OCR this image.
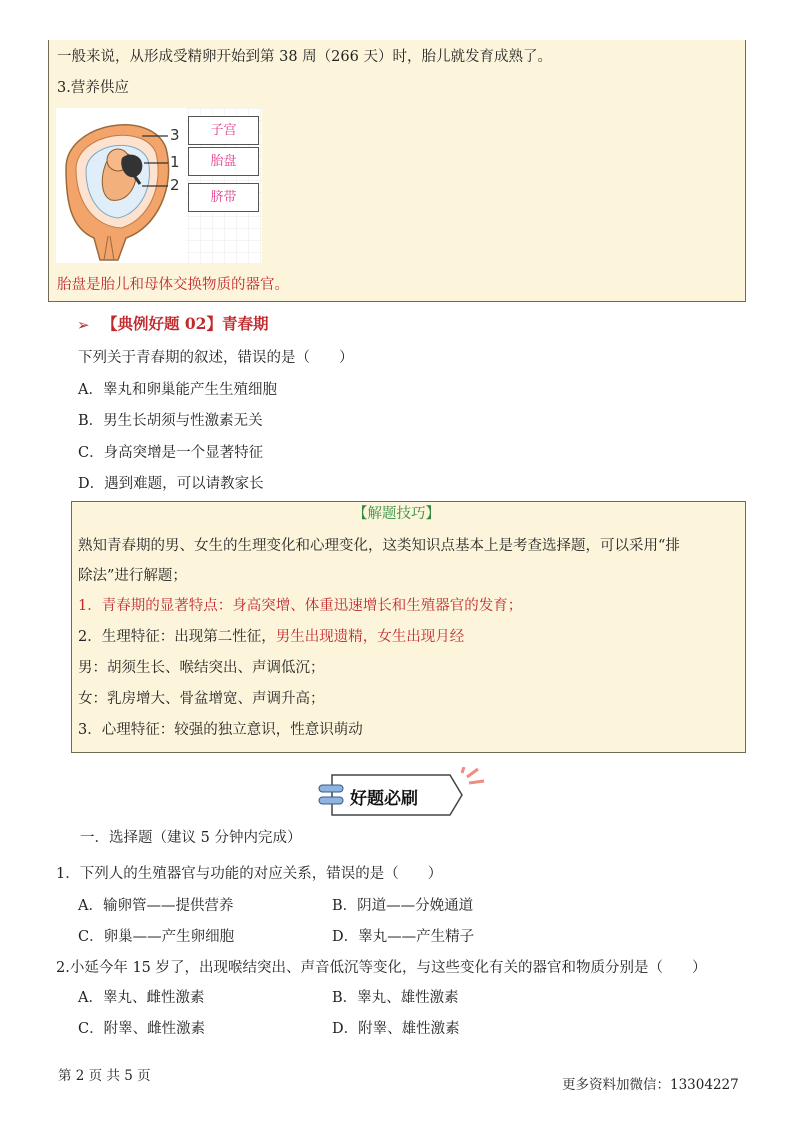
一般来说，从形成受精卵开始到第 38 周（266 天）时，胎儿就发育成熟了。
3.营养供应
3
1
2
子宫
胎盘
脐带
胎盘是胎儿和母体交换物质的器官。
➢ 【典例好题 02】青春期
下列关于青春期的叙述，错误的是（　　）
A．睾丸和卵巢能产生生殖细胞
B．男生长胡须与性激素无关
C．身高突增是一个显著特征
D．遇到难题，可以请教家长
【解题技巧】
熟知青春期的男、女生的生理变化和心理变化，这类知识点基本上是考查选择题，可以采用“排
除法”进行解题；
1．青春期的显著特点：身高突增、体重迅速增长和生殖器官的发育；
2．生理特征：出现第二性征，男生出现遗精，女生出现月经
男：胡须生长、喉结突出、声调低沉；
女：乳房增大、骨盆增宽、声调升高；
3．心理特征：较强的独立意识，性意识萌动
好题必刷
一．选择题（建议 5 分钟内完成）
1．下列人的生殖器官与功能的对应关系，错误的是（　　）
A．输卵管——提供营养	B．阴道——分娩通道
C．卵巢——产生卵细胞	D．睾丸——产生精子
2.小延今年 15 岁了，出现喉结突出、声音低沉等变化，与这些变化有关的器官和物质分别是（　　）
A．睾丸、雌性激素	B．睾丸、雄性激素
C．附睾、雌性激素	D．附睾、雄性激素
第 2 页 共 5 页
更多资料加微信：13304227
